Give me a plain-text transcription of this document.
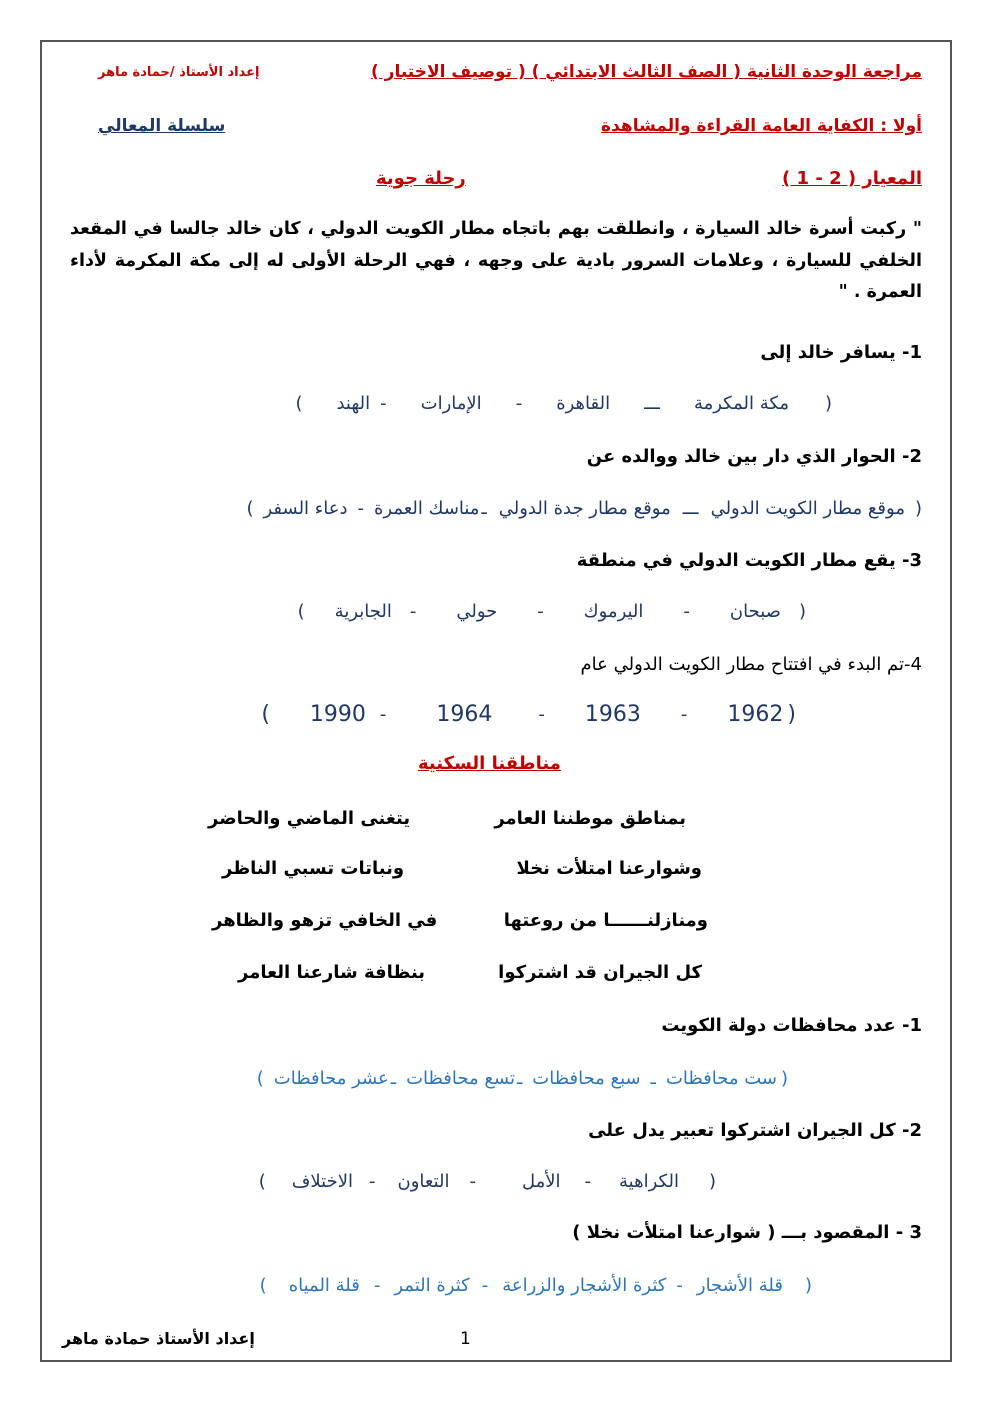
مراجعة الوحدة الثانية ( الصف الثالث الابتدائي ) ( توصيف الاختبار )
إعداد الأستاذ /حمادة ماهر
أولا : الكفاية العامة القراءة والمشاهدة
سلسلة المعالي
المعيار ( 2 - 1 )
رحلة جوية
" ركبت أسرة خالد السيارة ، وانطلقت بهم باتجاه مطار الكويت الدولي ، كان خالد جالسا في المقعد الخلفي للسيارة ، وعلامات السرور بادية على وجهه ، فهي الرحلة الأولى له إلى مكة المكرمة لأداء العمرة . "
1- يسافر خالد إلى
(
مكة المكرمة
ـــ
القاهرة
-
الإمارات
-
الهند
)
2- الحوار الذي دار بين خالد ووالده عن
(
موقع مطار الكويت الدولي
ـــ
موقع مطار جدة الدولي
ـ
مناسك العمرة
-
دعاء السفر
)
3- يقع مطار الكويت الدولي في منطقة
(
صبحان
-
اليرموك
-
حولي
-
الجابرية
)
4-تم البدء في افتتاح مطار الكويت الدولي عام
(
1962
-
1963
-
1964
-
1990
)
مناطقنا السكنية
بمناطق موطننا العامر
يتغنى الماضي والحاضر
وشوارعنا امتلأت نخلا
ونباتات تسبي الناظر
ومنازلنــــــا من روعتها
في الخافي تزهو والظاهر
كل الجيران قد اشتركوا
بنظافة شارعنا العامر
1- عدد محافظات دولة الكويت
(
ست محافظات
ـ
سبع محافظات
ـ
تسع محافظات
ـ
عشر محافظات
)
2- كل الجيران اشتركوا تعبير يدل على
(
الكراهية
-
الأمل
-
التعاون
-
الاختلاف
)
3 - المقصود بـــ ( شوارعنا امتلأت نخلا )
(
قلة الأشجار
-
كثرة الأشجار والزراعة
-
كثرة التمر
-
قلة المياه
)
1
إعداد الأستاذ حمادة ماهر
